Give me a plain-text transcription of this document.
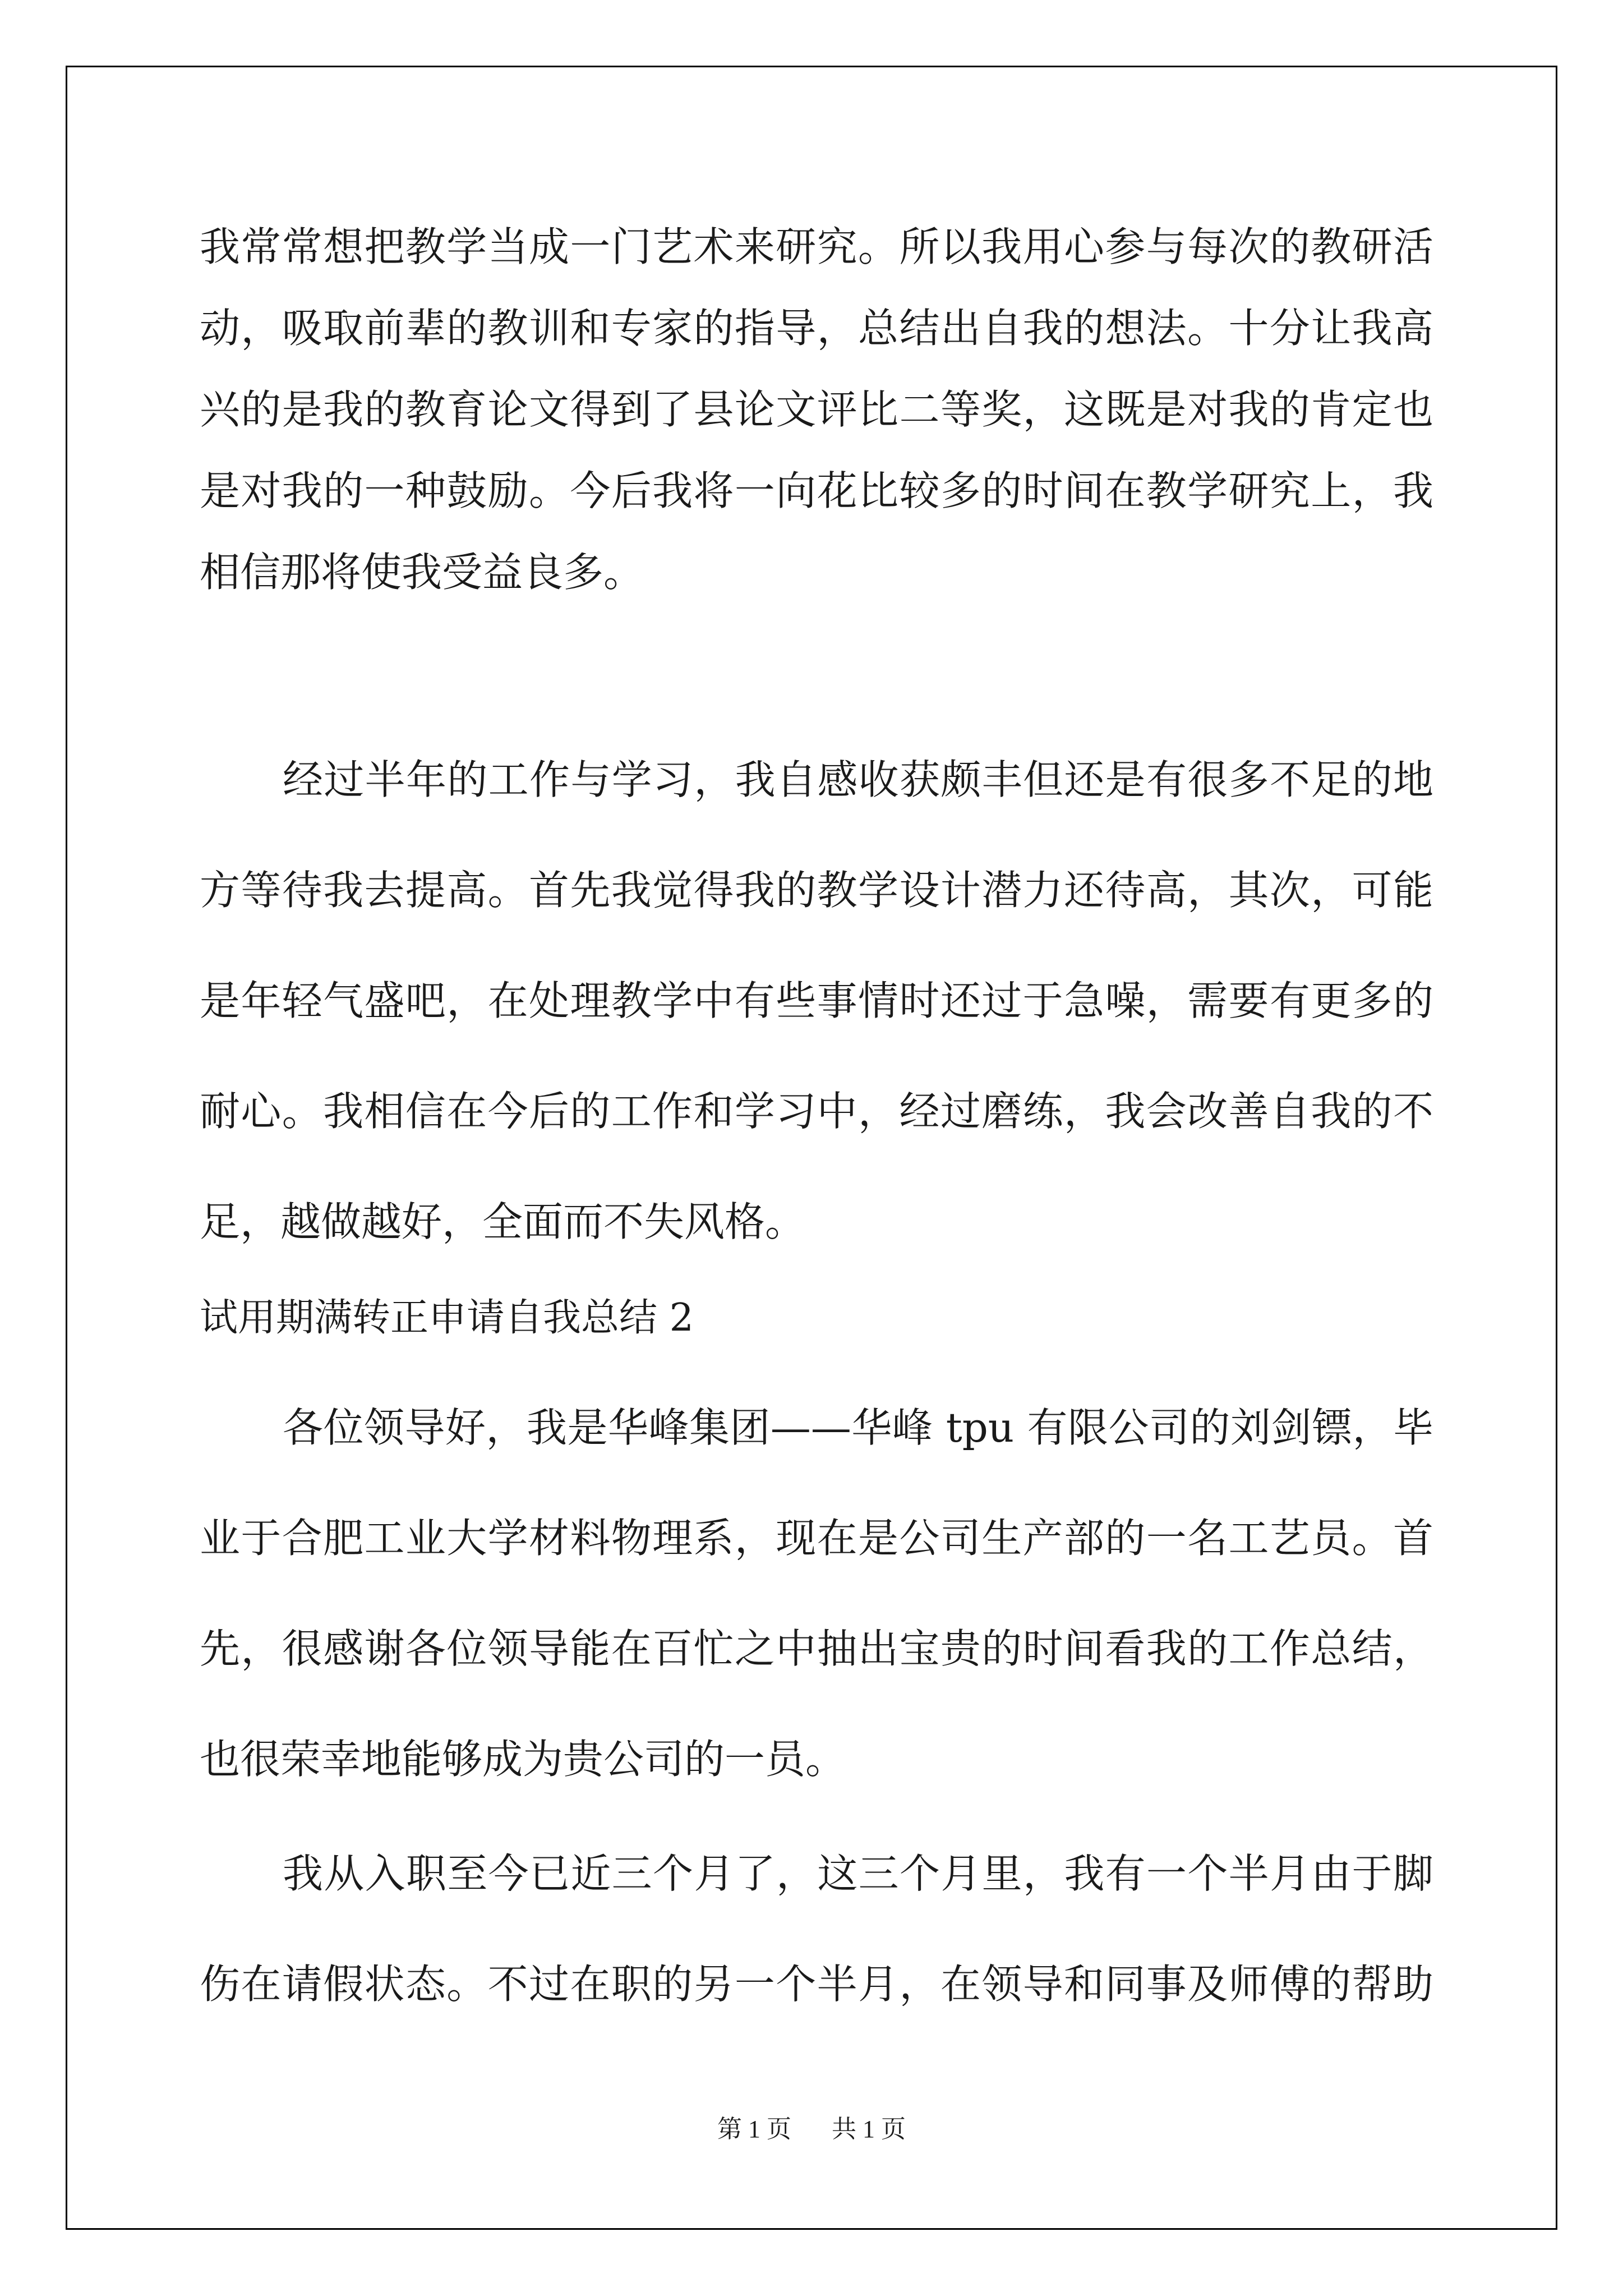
我常常想把教学当成一门艺术来研究。所以我用心参与每次的教研活
动，吸取前辈的教训和专家的指导，总结出自我的想法。十分让我高
兴的是我的教育论文得到了县论文评比二等奖，这既是对我的肯定也
是对我的一种鼓励。今后我将一向花比较多的时间在教学研究上，我
相信那将使我受益良多。
经过半年的工作与学习，我自感收获颇丰但还是有很多不足的地
方等待我去提高。首先我觉得我的教学设计潜力还待高，其次，可能
是年轻气盛吧，在处理教学中有些事情时还过于急噪，需要有更多的
耐心。我相信在今后的工作和学习中，经过磨练，我会改善自我的不
足，越做越好，全面而不失风格。
试用期满转正申请自我总结 2
各位领导好，我是华峰集团——华峰 tpu 有限公司的刘剑镖，毕
业于合肥工业大学材料物理系，现在是公司生产部的一名工艺员。首
先，很感谢各位领导能在百忙之中抽出宝贵的时间看我的工作总结，
也很荣幸地能够成为贵公司的一员。
我从入职至今已近三个月了，这三个月里，我有一个半月由于脚
伤在请假状态。不过在职的另一个半月，在领导和同事及师傅的帮助
第 1 页 共 1 页
